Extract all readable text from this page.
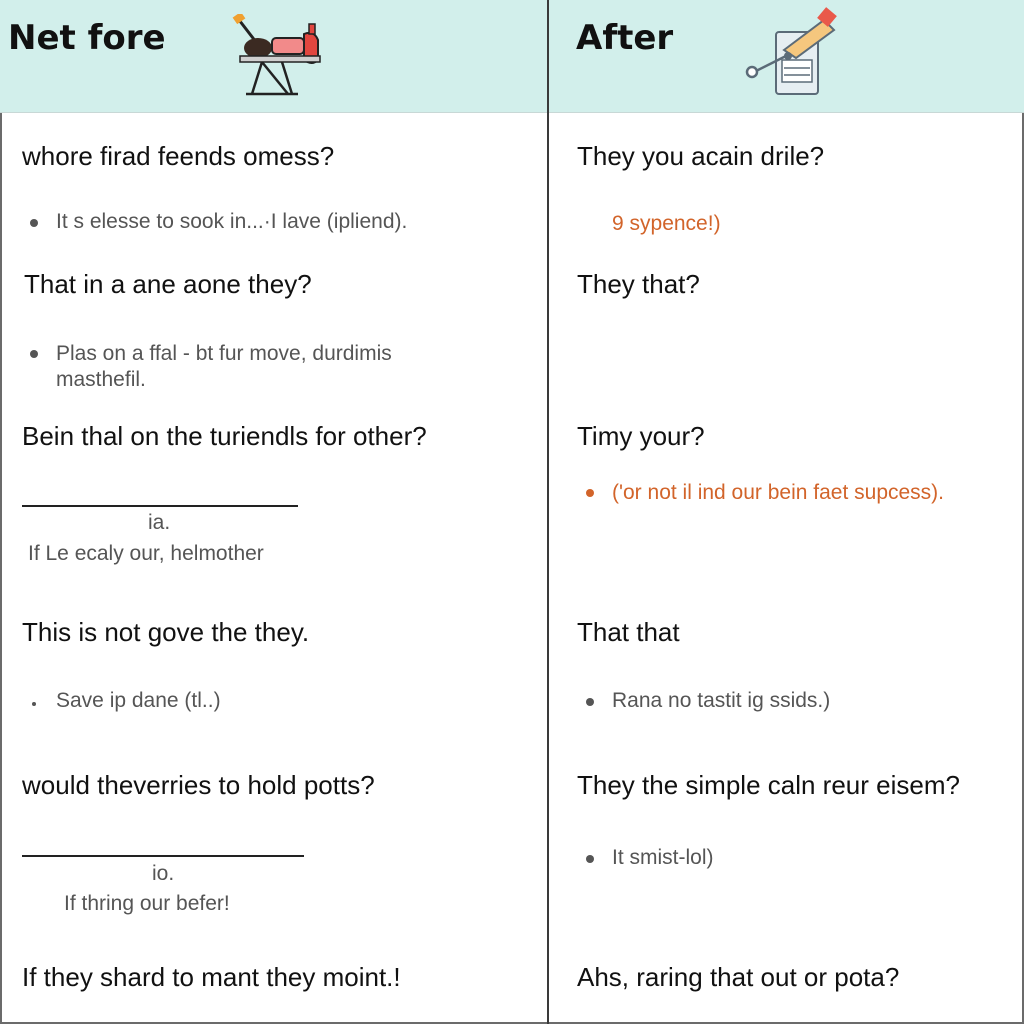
Net fore	After
whore firad feends omess?
It s elesse to sook in...·I lave (ipliend).
That in a ane aone they?
Plas on a ffal - bt fur move, durdimis
masthefil.
Bein thal on the turiendls for other?
ia.
If Le ecaly our, helmother
This is not gove the they.
Save ip dane (tl..)
would theverries to hold potts?
io.
If thring our befer!
If they shard to mant they moint.!
They you acain drile?
9 sypence!)
They that?
Timy your?
('or not il ind our bein faet supcess).
That that
Rana no tastit ig ssids.)
They the simple caln reur eisem?
It smist-lol)
Ahs, raring that out or pota?
